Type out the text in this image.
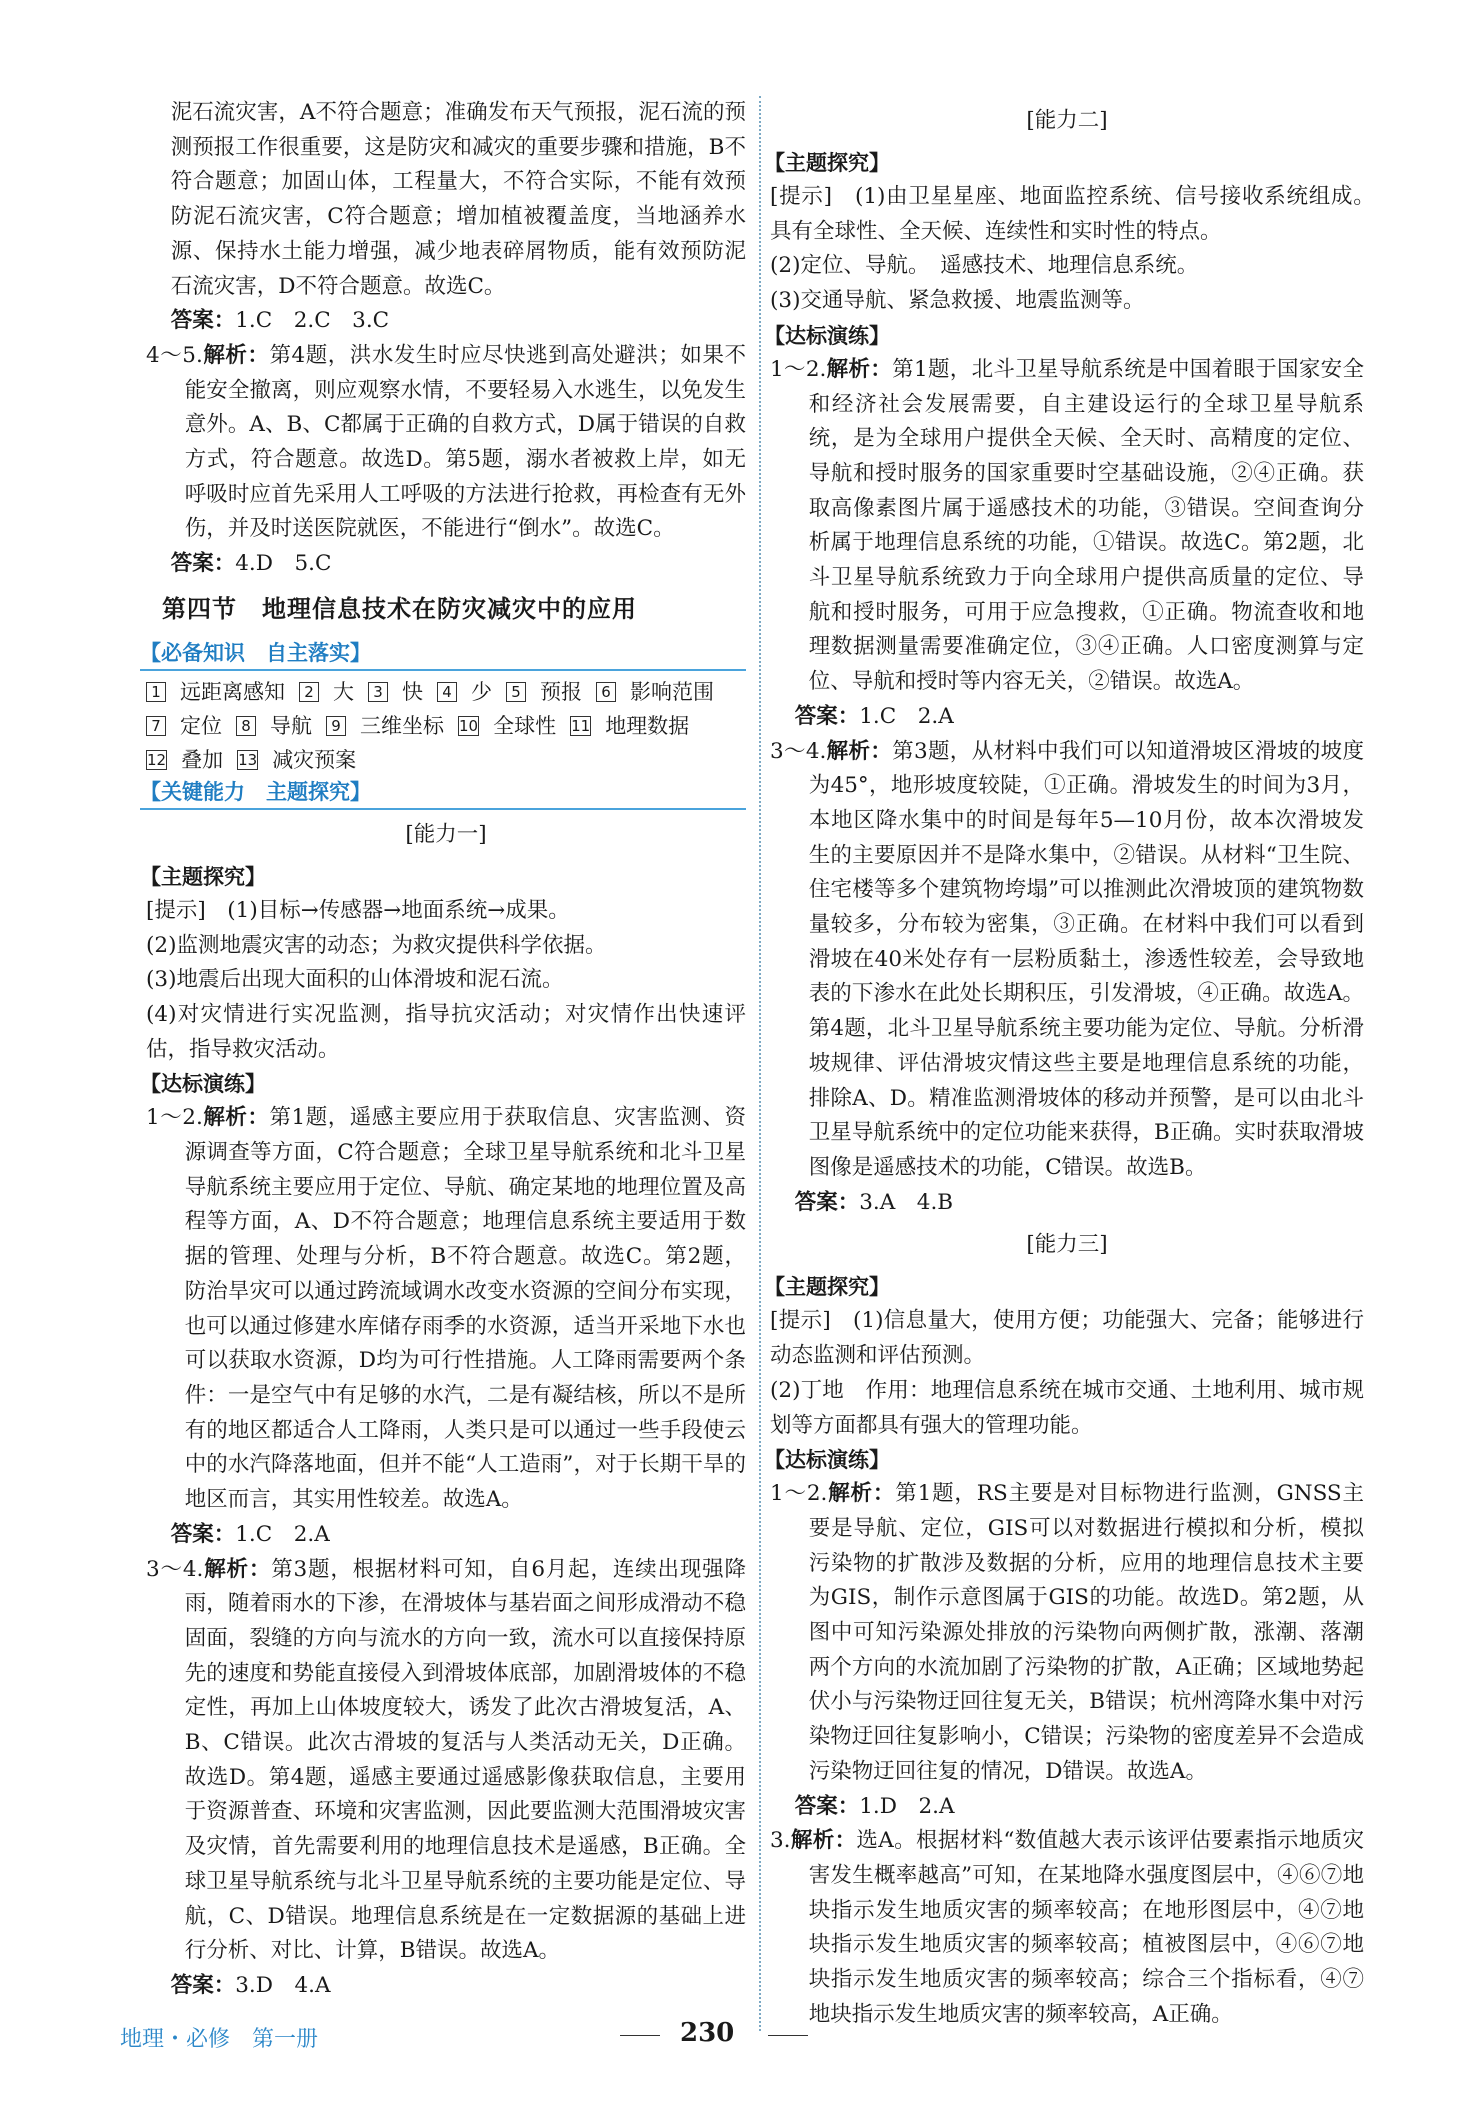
泥石流灾害，A不符合题意；准确发布天气预报，泥石流的预测预报工作很重要，这是防灾和减灾的重要步骤和措施，B不符合题意；加固山体，工程量大，不符合实际，不能有效预防泥石流灾害，C符合题意；增加植被覆盖度，当地涵养水源、保持水土能力增强，减少地表碎屑物质，能有效预防泥石流灾害，D不符合题意。故选C。

答案：1.C　2.C　3.C

4～5.解析：第4题，洪水发生时应尽快逃到高处避洪；如果不能安全撤离，则应观察水情，不要轻易入水逃生，以免发生意外。A、B、C都属于正确的自救方式，D属于错误的自救方式，符合题意。故选D。第5题，溺水者被救上岸，如无呼吸时应首先采用人工呼吸的方法进行抢救，再检查有无外伤，并及时送医院就医，不能进行“倒水”。故选C。

答案：4.D　5.C

第四节　地理信息技术在防灾减灾中的应用
【必备知识　自主落实】
1 远距离感知 2 大 3 快 4 少 5 预报 6 影响范围
7 定位 8 导航 9 三维坐标 10 全球性 11 地理数据
12 叠加 13 减灾预案
【关键能力　主题探究】
[能力一]
【主题探究】

[提示]　(1)目标→传感器→地面系统→成果。

(2)监测地震灾害的动态；为救灾提供科学依据。

(3)地震后出现大面积的山体滑坡和泥石流。

(4)对灾情进行实况监测，指导抗灾活动；对灾情作出快速评估，指导救灾活动。

【达标演练】

1～2.解析：第1题，遥感主要应用于获取信息、灾害监测、资源调查等方面，C符合题意；全球卫星导航系统和北斗卫星导航系统主要应用于定位、导航、确定某地的地理位置及高程等方面，A、D不符合题意；地理信息系统主要适用于数据的管理、处理与分析，B不符合题意。故选C。第2题，防治旱灾可以通过跨流域调水改变水资源的空间分布实现，也可以通过修建水库储存雨季的水资源，适当开采地下水也可以获取水资源，D均为可行性措施。人工降雨需要两个条件：一是空气中有足够的水汽，二是有凝结核，所以不是所有的地区都适合人工降雨，人类只是可以通过一些手段使云中的水汽降落地面，但并不能“人工造雨”，对于长期干旱的地区而言，其实用性较差。故选A。

答案：1.C　2.A

3～4.解析：第3题，根据材料可知，自6月起，连续出现强降雨，随着雨水的下渗，在滑坡体与基岩面之间形成滑动不稳固面，裂缝的方向与流水的方向一致，流水可以直接保持原先的速度和势能直接侵入到滑坡体底部，加剧滑坡体的不稳定性，再加上山体坡度较大，诱发了此次古滑坡复活，A、B、C错误。此次古滑坡的复活与人类活动无关，D正确。故选D。第4题，遥感主要通过遥感影像获取信息，主要用于资源普查、环境和灾害监测，因此要监测大范围滑坡灾害及灾情，首先需要利用的地理信息技术是遥感，B正确。全球卫星导航系统与北斗卫星导航系统的主要功能是定位、导航，C、D错误。地理信息系统是在一定数据源的基础上进行分析、对比、计算，B错误。故选A。

答案：3.D　4.A

[能力二]
【主题探究】

[提示]　(1)由卫星星座、地面监控系统、信号接收系统组成。　具有全球性、全天候、连续性和实时性的特点。

(2)定位、导航。　遥感技术、地理信息系统。

(3)交通导航、紧急救援、地震监测等。

【达标演练】

1～2.解析：第1题，北斗卫星导航系统是中国着眼于国家安全和经济社会发展需要，自主建设运行的全球卫星导航系统，是为全球用户提供全天候、全天时、高精度的定位、导航和授时服务的国家重要时空基础设施，②④正确。获取高像素图片属于遥感技术的功能，③错误。空间查询分析属于地理信息系统的功能，①错误。故选C。第2题，北斗卫星导航系统致力于向全球用户提供高质量的定位、导航和授时服务，可用于应急搜救，①正确。物流查收和地理数据测量需要准确定位，③④正确。人口密度测算与定位、导航和授时等内容无关，②错误。故选A。

答案：1.C　2.A

3～4.解析：第3题，从材料中我们可以知道滑坡区滑坡的坡度为45°，地形坡度较陡，①正确。滑坡发生的时间为3月，本地区降水集中的时间是每年5—10月份，故本次滑坡发生的主要原因并不是降水集中，②错误。从材料“卫生院、住宅楼等多个建筑物垮塌”可以推测此次滑坡顶的建筑物数量较多，分布较为密集，③正确。在材料中我们可以看到滑坡在40米处存有一层粉质黏土，渗透性较差，会导致地表的下渗水在此处长期积压，引发滑坡，④正确。故选A。第4题，北斗卫星导航系统主要功能为定位、导航。分析滑坡规律、评估滑坡灾情这些主要是地理信息系统的功能，排除A、D。精准监测滑坡体的移动并预警，是可以由北斗卫星导航系统中的定位功能来获得，B正确。实时获取滑坡图像是遥感技术的功能，C错误。故选B。

答案：3.A　4.B

[能力三]
【主题探究】

[提示]　(1)信息量大，使用方便；功能强大、完备；能够进行动态监测和评估预测。

(2)丁地　作用：地理信息系统在城市交通、土地利用、城市规划等方面都具有强大的管理功能。

【达标演练】

1～2.解析：第1题，RS主要是对目标物进行监测，GNSS主要是导航、定位，GIS可以对数据进行模拟和分析，模拟污染物的扩散涉及数据的分析，应用的地理信息技术主要为GIS，制作示意图属于GIS的功能。故选D。第2题，从图中可知污染源处排放的污染物向两侧扩散，涨潮、落潮两个方向的水流加剧了污染物的扩散，A正确；区域地势起伏小与污染物迂回往复无关，B错误；杭州湾降水集中对污染物迂回往复影响小，C错误；污染物的密度差异不会造成污染物迂回往复的情况，D错误。故选A。

答案：1.D　2.A

3.解析：选A。根据材料“数值越大表示该评估要素指示地质灾害发生概率越高”可知，在某地降水强度图层中，④⑥⑦地块指示发生地质灾害的频率较高；在地形图层中，④⑦地块指示发生地质灾害的频率较高；植被图层中，④⑥⑦地块指示发生地质灾害的频率较高；综合三个指标看，④⑦地块指示发生地质灾害的频率较高，A正确。

地理・必修　第一册	230
